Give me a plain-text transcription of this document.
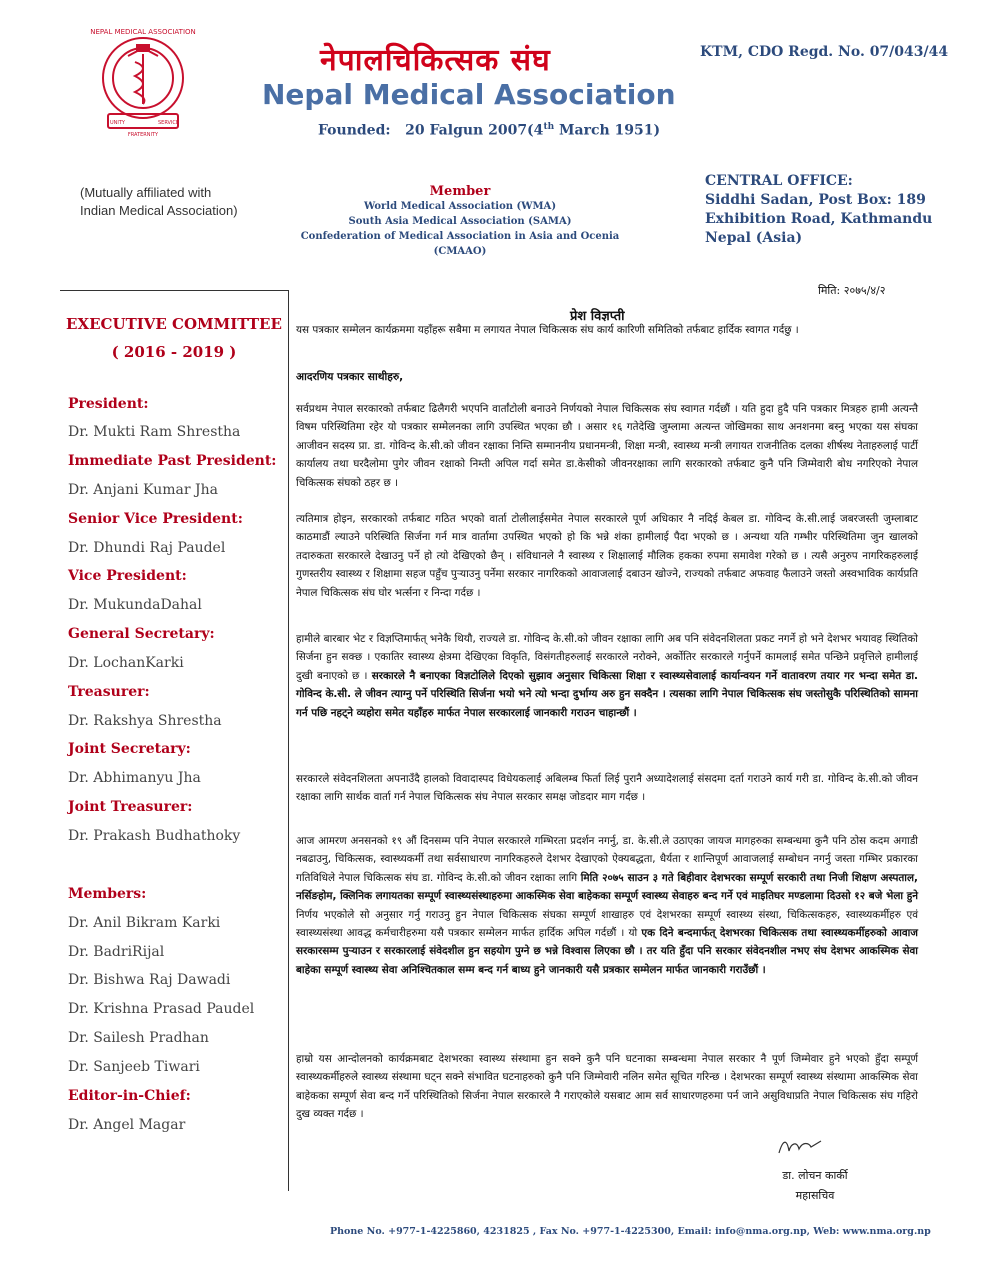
NEPAL MEDICAL ASSOCIATION
UNITY	SERVICE
FRATERNITY
नेपालचिकित्सक संघ
Nepal Medical Association
Founded: 20 Falgun 2007(4th March 1951)
KTM, CDO Regd. No. 07/043/44
(Mutually affiliated with
Indian Medical Association)
Member
World Medical Association (WMA)
South Asia Medical Association (SAMA)
Confederation of Medical Association in Asia and Ocenia (CMAAO)
CENTRAL OFFICE:
Siddhi Sadan, Post Box: 189
Exhibition Road, Kathmandu
Nepal (Asia)
EXECUTIVE COMMITTEE
( 2016 - 2019 )
President:
Dr. Mukti Ram Shrestha
Immediate Past President:
Dr. Anjani Kumar Jha
Senior Vice President:
Dr. Dhundi Raj Paudel
Vice President:
Dr. MukundaDahal
General Secretary:
Dr. LochanKarki
Treasurer:
Dr. Rakshya Shrestha
Joint Secretary:
Dr. Abhimanyu Jha
Joint Treasurer:
Dr. Prakash Budhathoky
Members:
Dr. Anil Bikram Karki
Dr. BadriRijal
Dr. Bishwa Raj Dawadi
Dr. Krishna Prasad Paudel
Dr. Sailesh Pradhan
Dr. Sanjeeb Tiwari
Editor-in-Chief:
Dr. Angel Magar
मिति: २०७५/४/२
प्रेश विज्ञप्ती

यस पत्रकार सम्मेलन कार्यक्रममा यहाँहरू सबैमा म लगायत नेपाल चिकित्सक संघ कार्य कारिणी समितिको तर्फबाट हार्दिक स्वागत गर्दछु ।

आदरणिय पत्रकार साथीहरु,

सर्वप्रथम नेपाल सरकारको तर्फबाट ढिलैगरी भएपनि वार्तांटोली बनाउने निर्णयको नेपाल चिकित्सक संघ स्वागत गर्दछौं । यति हुदा हुदै पनि पत्रकार मित्रहरु हामी अत्यन्तै विषम परिस्थितिमा रहेर यो पत्रकार सम्मेलनका लागि उपस्थित भएका छौ । असार १६ गतेदेखि जुम्लामा अत्यन्त जोखिमका साथ अनशनमा बस्नु भएका यस संघका आजीवन सदस्य प्रा. डा. गोविन्द के.सी.को जीवन रक्षाका निम्ति सम्माननीय प्रधानमन्त्री, शिक्षा मन्त्री, स्वास्थ्य मन्त्री लगायत राजनीतिक दलका शीर्षस्थ नेताहरुलाई पार्टी कार्यालय तथा घरदैलोमा पुगेर जीवन रक्षाको निम्ती अपिल गर्दा समेत डा.केसीको जीवनरक्षाका लागि सरकारको तर्फबाट कुनै पनि जिम्मेवारी बोध नगरिएको नेपाल चिकित्सक संघको ठहर छ ।

त्यतिमात्र होइन, सरकारको तर्फबाट गठित भएको वार्ता टोलीलाईसमेत नेपाल सरकारले पूर्ण अधिकार नै नदिई केबल डा. गोविन्द के.सी.लाई जबरजस्ती जुम्लाबाट काठमाडौं ल्याउने परिस्थिति सिर्जना गर्न मात्र वार्तामा उपस्थित भएको हो कि भन्ने शंका हामीलाई पैदा भएको छ । अन्यथा यति गम्भीर परिस्थितिमा जुन खालको तदारुकता सरकारले देखाउनु पर्ने हो त्यो देखिएको छैन् । संविधानले नै स्वास्थ्य र शिक्षालाई मौलिक हकका रुपमा समावेश गरेको छ । त्यसै अनुरुप नागरिकहरुलाई गुणस्तरीय स्वास्थ्य र शिक्षामा सहज पहुँच पुऱ्याउनु पर्नेमा सरकार नागरिकको आवाजलाई दबाउन खोज्ने, राज्यको तर्फबाट अफवाह फैलाउने जस्तो अस्वभाविक कार्यप्रति नेपाल चिकित्सक संघ घोर भर्त्सना र निन्दा गर्दछ ।

हामीले बारबार भेट र विज्ञप्तिमार्फत् भनेकै थियौ, राज्यले डा. गोविन्द के.सी.को जीवन रक्षाका लागि अब पनि संवेदनशिलता प्रकट नगर्ने हो भने देशभर भयावह स्थितिको सिर्जना हुन सक्छ । एकातिर स्वास्थ्य क्षेत्रमा देखिएका विकृति, विसंगतीहरुलाई सरकारले नरोक्ने, अर्कोतिर सरकारले गर्नुपर्ने कामलाई समेत पन्छिने प्रवृत्तिले हामीलाई दुखी बनाएको छ । सरकारले नै बनाएका विज्ञटोलिले दिएको सुझाव अनुसार चिकित्सा शिक्षा र स्वास्थ्यसेवालाई कार्यान्वयन गर्ने वातावरण तयार गर भन्दा समेत डा. गोविन्द के.सी. ले जीवन त्याग्नु पर्ने परिस्थिति सिर्जना भयो भने त्यो भन्दा दुर्भाग्य अरु हुन सक्दैन । त्यसका लागि नेपाल चिकित्सक संघ जस्तोसुकै परिस्थितिको सामना गर्न पछि नहट्ने व्यहोरा समेत यहाँहरु मार्फत नेपाल सरकारलाई जानकारी गराउन चाहान्छौं ।

सरकारले संवेदनशिलता अपनाउँदै हालको विवादास्पद विधेयकलाई अबिलम्ब फिर्ता लिई पुरानै अध्यादेशलाई संसदमा दर्ता गराउने कार्य गरी डा. गोविन्द के.सी.को जीवन रक्षाका लागि सार्थक वार्ता गर्न नेपाल चिकित्सक संघ नेपाल सरकार समक्ष जोडदार माग गर्दछ ।

आज आमरण अनसनको १९ औं दिनसम्म पनि नेपाल सरकारले गम्भिरता प्रदर्शन नगर्नु, डा. के.सी.ले उठाएका जायज मागहरुका सम्बन्धमा कुनै पनि ठोस कदम अगाडी नबढाउनु, चिकित्सक, स्वास्थ्यकर्मी तथा सर्वसाधारण नागरिकहरुले देशभर देखाएको ऐक्यबद्धता, धैर्यता र शान्तिपूर्ण आवाजलाई सम्बोधन नगर्नु जस्ता गम्भिर प्रकारका गतिविधिले नेपाल चिकित्सक संघ डा. गोविन्द के.सी.को जीवन रक्षाका लागि मिति २०७५ साउन ३ गते बिहीवार देशभरका सम्पूर्ण सरकारी तथा निजी शिक्षण अस्पताल, नर्सिङहोम, क्लिनिक लगायतका सम्पूर्ण स्वास्थ्यसंस्थाहरुमा आकस्मिक सेवा बाहेकका सम्पूर्ण स्वास्थ्य सेवाहरु बन्द गर्ने एवं माइतिघर मण्डलामा दिउसो १२ बजे भेला हुने निर्णय भएकोले सो अनुसार गर्नु गराउनु हुन नेपाल चिकित्सक संघका सम्पूर्ण शाखाहरु एवं देशभरका सम्पूर्ण स्वास्थ्य संस्था, चिकित्सकहरु, स्वास्थ्यकर्मीहरु एवं स्वास्थ्यसंस्था आवद्ध कर्मचारीहरुमा यसै पत्रकार सम्मेलन मार्फत हार्दिक अपिल गर्दछौं । यो एक दिने बन्दमार्फत् देशभरका चिकित्सक तथा स्वास्थ्यकर्मीहरुको आवाज सरकारसम्म पुऱ्याउन र सरकारलाई संवेदशील हुन सहयोग पुग्ने छ भन्ने विश्वास लिएका छौ । तर यति हुँदा पनि सरकार संवेदनशील नभए संघ देशभर आकस्मिक सेवा बाहेका सम्पूर्ण स्वास्थ्य सेवा अनिश्चितकाल सम्म बन्द गर्न बाध्य हुने जानकारी यसै प्रत्रकार सम्मेलन मार्फत जानकारी गराउँछौं ।

हाम्रो यस आन्दोलनको कार्यक्रमबाट देशभरका स्वास्थ्य संस्थामा हुन सक्ने कुनै पनि घटनाका सम्बन्धमा नेपाल सरकार नै पूर्ण जिम्मेवार हुने भएको हुँदा सम्पूर्ण स्वास्थ्यकर्मीहरुले स्वास्थ्य संस्थामा घट्न सक्ने संभावित घटनाहरुको कुनै पनि जिम्मेवारी नलिन समेत सूचित गरिन्छ । देशभरका सम्पूर्ण स्वास्थ्य संस्थामा आकस्मिक सेवा बाहेकका सम्पूर्ण सेवा बन्द गर्ने परिस्थितिको सिर्जना नेपाल सरकारले नै गराएकोले यसबाट आम सर्व साधारणहरुमा पर्न जाने असुविधाप्रति नेपाल चिकित्सक संघ गहिरो दुख व्यक्त गर्दछ ।

डा. लोचन कार्की
महासचिव
Phone No. +977-1-4225860, 4231825 , Fax No. +977-1-4225300, Email: info@nma.org.np, Web: www.nma.org.np
